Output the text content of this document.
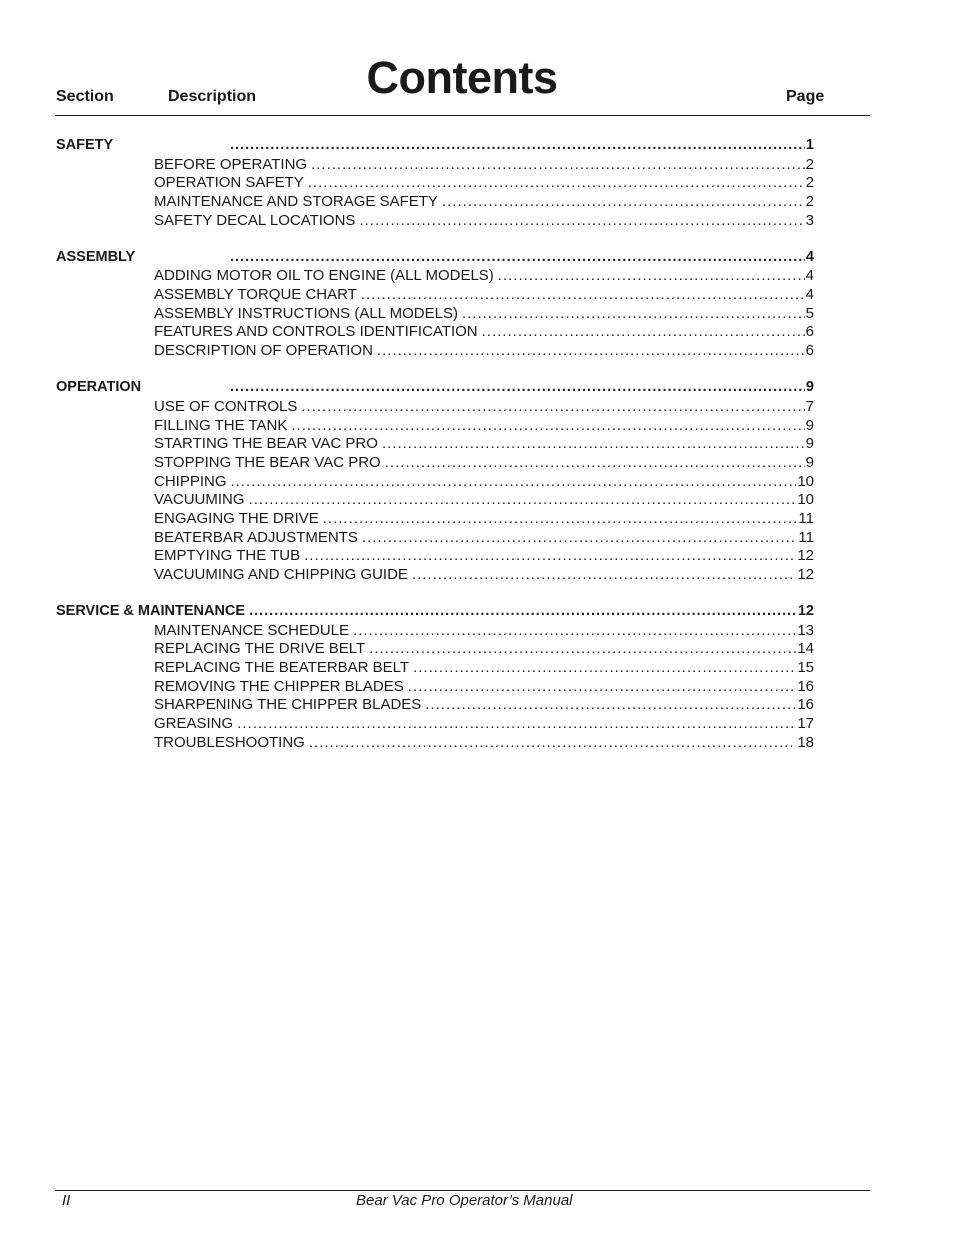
Contents
Section	Description	Page
SAFETY .....	1
BEFORE OPERATING .....	2
OPERATION SAFETY .....	2
MAINTENANCE AND STORAGE SAFETY .....	2
SAFETY DECAL LOCATIONS .....	3
ASSEMBLY .....	4
ADDING MOTOR OIL TO ENGINE (ALL MODELS) .....	4
ASSEMBLY TORQUE CHART .....	4
ASSEMBLY INSTRUCTIONS (ALL MODELS) .....	5
FEATURES AND CONTROLS IDENTIFICATION .....	6
DESCRIPTION OF OPERATION .....	6
OPERATION .....	9
USE OF CONTROLS .....	7
FILLING THE TANK .....	9
STARTING THE BEAR VAC PRO .....	9
STOPPING THE BEAR VAC PRO .....	9
CHIPPING .....	10
VACUUMING .....	10
ENGAGING THE DRIVE .....	11
BEATERBAR ADJUSTMENTS .....	11
EMPTYING THE TUB .....	12
VACUUMING AND CHIPPING GUIDE .....	12
SERVICE & MAINTENANCE .....	12
MAINTENANCE SCHEDULE .....	13
REPLACING THE DRIVE BELT .....	14
REPLACING THE BEATERBAR BELT .....	15
REMOVING THE CHIPPER BLADES .....	16
SHARPENING THE CHIPPER BLADES .....	16
GREASING .....	17
TROUBLESHOOTING .....	18
II	Bear Vac Pro Operator’s Manual
